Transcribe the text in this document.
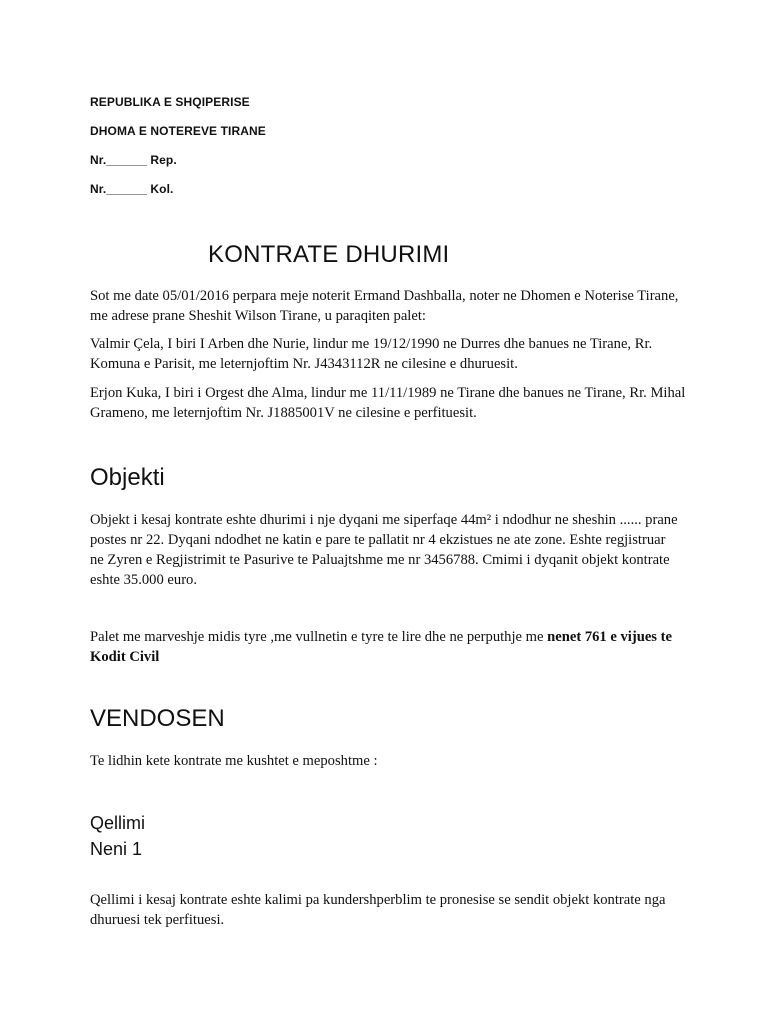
REPUBLIKA E SHQIPERISE
DHOMA E NOTEREVE TIRANE
Nr.______ Rep.
Nr.______ Kol.
KONTRATE DHURIMI

Sot me date 05/01/2016 perpara meje noterit Ermand Dashballa, noter ne Dhomen e Noterise Tirane, me adrese prane Sheshit Wilson Tirane, u paraqiten palet:

Valmir Çela, I biri I Arben dhe Nurie, lindur me 19/12/1990 ne Durres dhe banues ne Tirane, Rr. Komuna e Parisit, me leternjoftim Nr. J4343112R ne cilesine e dhuruesit.

Erjon Kuka, I biri i Orgest dhe Alma, lindur me 11/11/1989 ne Tirane dhe banues ne Tirane, Rr. Mihal Grameno, me leternjoftim Nr. J1885001V ne cilesine e perfituesit.

Objekti

Objekt i kesaj kontrate eshte dhurimi i nje dyqani me siperfaqe 44m² i ndodhur ne sheshin ...... prane postes nr 22. Dyqani ndodhet ne katin e pare te pallatit nr 4 ekzistues ne ate zone. Eshte regjistruar ne Zyren e Regjistrimit te Pasurive te Paluajtshme me nr 3456788. Cmimi i dyqanit objekt kontrate eshte 35.000 euro.

Palet me marveshje midis tyre ,me vullnetin e tyre te lire dhe ne perputhje me nenet 761 e vijues te Kodit Civil

VENDOSEN

Te lidhin kete kontrate me kushtet e meposhtme :

Qellimi
Neni 1

Qellimi i kesaj kontrate eshte kalimi pa kundershperblim te pronesise se sendit objekt kontrate nga dhuruesi tek perfituesi.
